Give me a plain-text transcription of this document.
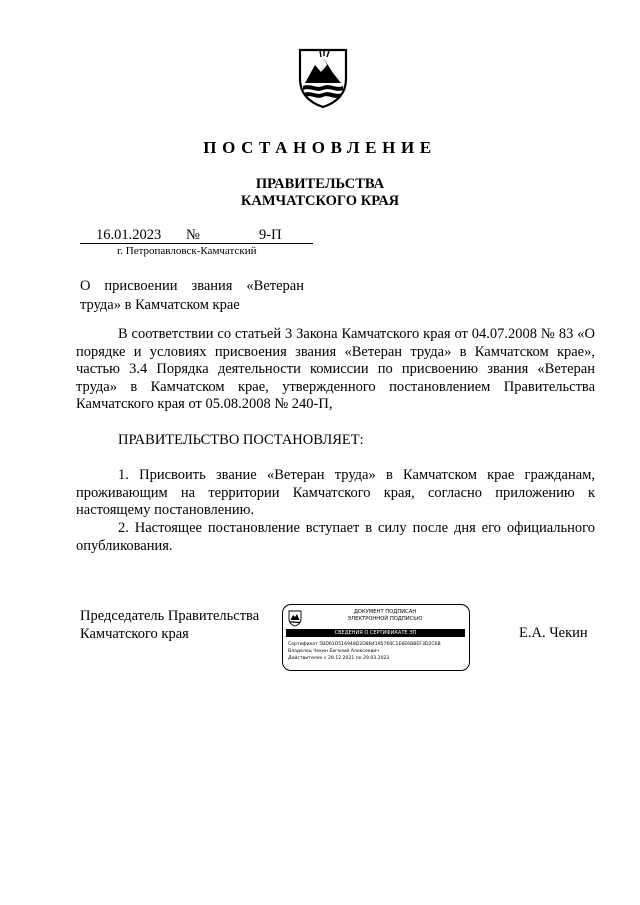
ПОСТАНОВЛЕНИЕ
ПРАВИТЕЛЬСТВА
КАМЧАТСКОГО КРАЯ
16.01.2023 №	9-П
г. Петропавловск-Камчатский
О присвоении звания «Ветеран труда» в Камчатском крае
В соответствии со статьей 3 Закона Камчатского края от 04.07.2008 № 83 «О порядке и условиях присвоения звания «Ветеран труда» в Камчатском крае», частью 3.4 Порядка деятельности комиссии по присвоению звания «Ветеран труда» в Камчатском крае, утвержденного постановлением Правительства Камчатского края от 05.08.2008 № 240-П,
ПРАВИТЕЛЬСТВО ПОСТАНОВЛЯЕТ:
1. Присвоить звание «Ветеран труда» в Камчатском крае гражданам, проживающим на территории Камчатского края, согласно приложению к настоящему постановлению.
2. Настоящее постановление вступает в силу после дня его официального опубликования.
Председатель Правительства
Камчатского края
ДОКУМЕНТ ПОДПИСАН
ЭЛЕКТРОННОЙ ПОДПИСЬЮ
СВЕДЕНИЯ О СЕРТИФИКАТЕ ЭП
Сертификат 5BD61D516948D2D8B4195760C1E6E6BBEF3D2C6B
Владелец Чекин Евгений Алексеевич
Действителен с 29.12.2021 по 29.03.2023
Е.А. Чекин
